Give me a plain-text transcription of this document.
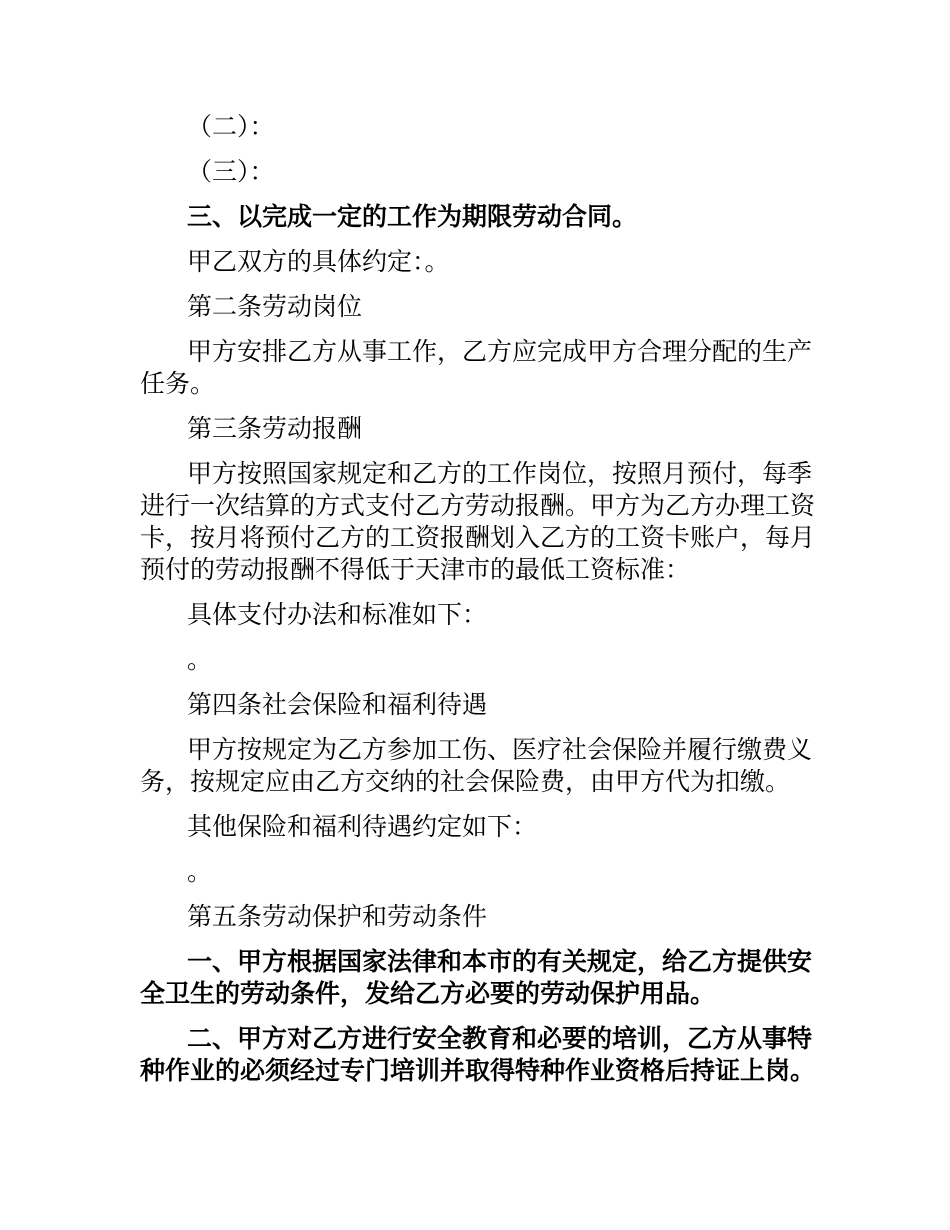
（二）：

（三）：

三、以完成一定的工作为期限劳动合同。

甲乙双方的具体约定：。

第二条劳动岗位

甲方安排乙方从事工作，乙方应完成甲方合理分配的生产
任务。

第三条劳动报酬

甲方按照国家规定和乙方的工作岗位，按照月预付，每季
进行一次结算的方式支付乙方劳动报酬。甲方为乙方办理工资
卡，按月将预付乙方的工资报酬划入乙方的工资卡账户，每月
预付的劳动报酬不得低于天津市的最低工资标准：

具体支付办法和标准如下：

。

第四条社会保险和福利待遇

甲方按规定为乙方参加工伤、医疗社会保险并履行缴费义
务，按规定应由乙方交纳的社会保险费，由甲方代为扣缴。

其他保险和福利待遇约定如下：

。

第五条劳动保护和劳动条件

一、甲方根据国家法律和本市的有关规定，给乙方提供安
全卫生的劳动条件，发给乙方必要的劳动保护用品。

二、甲方对乙方进行安全教育和必要的培训，乙方从事特
种作业的必须经过专门培训并取得特种作业资格后持证上岗。
